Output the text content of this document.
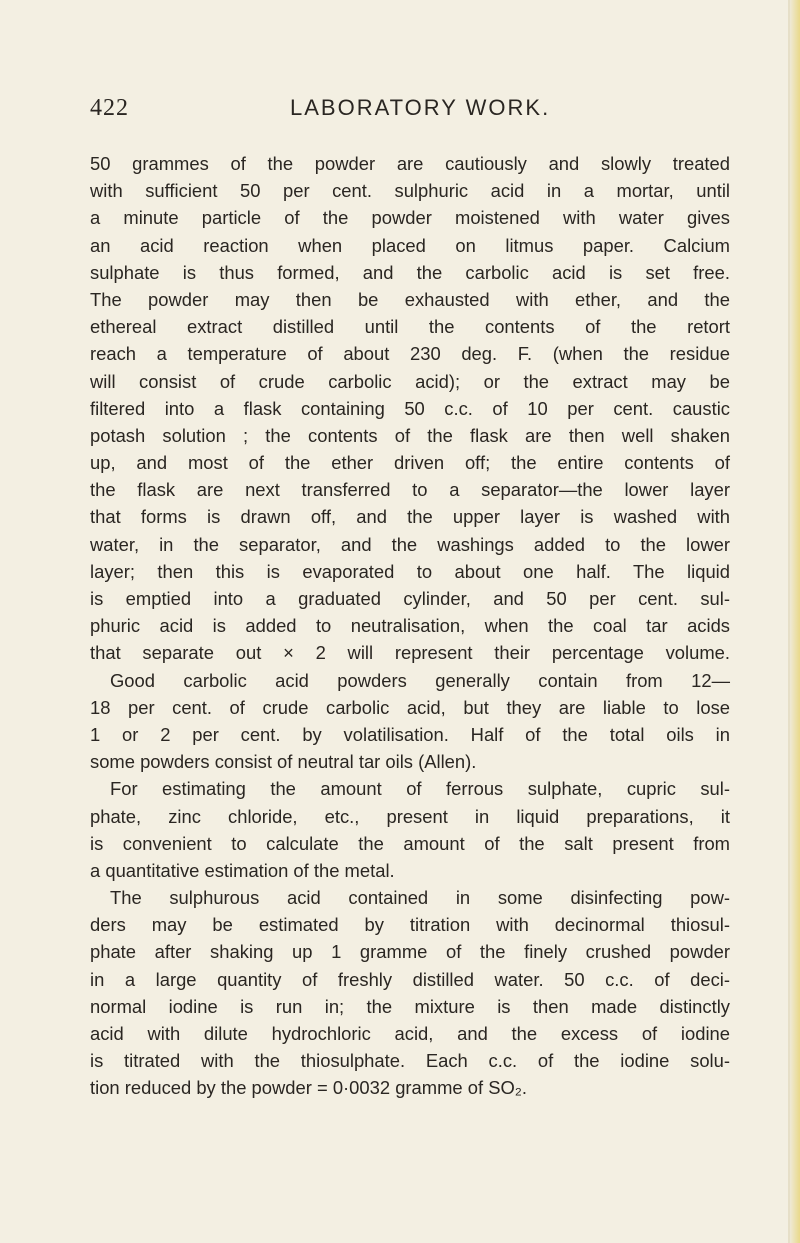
422	LABORATORY WORK.
50 grammes of the powder are cautiously and slowly treated
with sufficient 50 per cent. sulphuric acid in a mortar, until
a minute particle of the powder moistened with water gives
an acid reaction when placed on litmus paper. Calcium
sulphate is thus formed, and the carbolic acid is set free.
The powder may then be exhausted with ether, and the
ethereal extract distilled until the contents of the retort
reach a temperature of about 230 deg. F. (when the residue
will consist of crude carbolic acid); or the extract may be
filtered into a flask containing 50 c.c. of 10 per cent. caustic
potash solution ; the contents of the flask are then well shaken
up, and most of the ether driven off; the entire contents of
the flask are next transferred to a separator—the lower layer
that forms is drawn off, and the upper layer is washed with
water, in the separator, and the washings added to the lower
layer; then this is evaporated to about one half. The liquid
is emptied into a graduated cylinder, and 50 per cent. sul-
phuric acid is added to neutralisation, when the coal tar acids
that separate out × 2 will represent their percentage volume.
Good carbolic acid powders generally contain from 12—
18 per cent. of crude carbolic acid, but they are liable to lose
1 or 2 per cent. by volatilisation. Half of the total oils in
some powders consist of neutral tar oils (Allen).
For estimating the amount of ferrous sulphate, cupric sul-
phate, zinc chloride, etc., present in liquid preparations, it
is convenient to calculate the amount of the salt present from
a quantitative estimation of the metal.
The sulphurous acid contained in some disinfecting pow-
ders may be estimated by titration with decinormal thiosul-
phate after shaking up 1 gramme of the finely crushed powder
in a large quantity of freshly distilled water. 50 c.c. of deci-
normal iodine is run in; the mixture is then made distinctly
acid with dilute hydrochloric acid, and the excess of iodine
is titrated with the thiosulphate. Each c.c. of the iodine solu-
tion reduced by the powder = 0·0032 gramme of SO₂.
